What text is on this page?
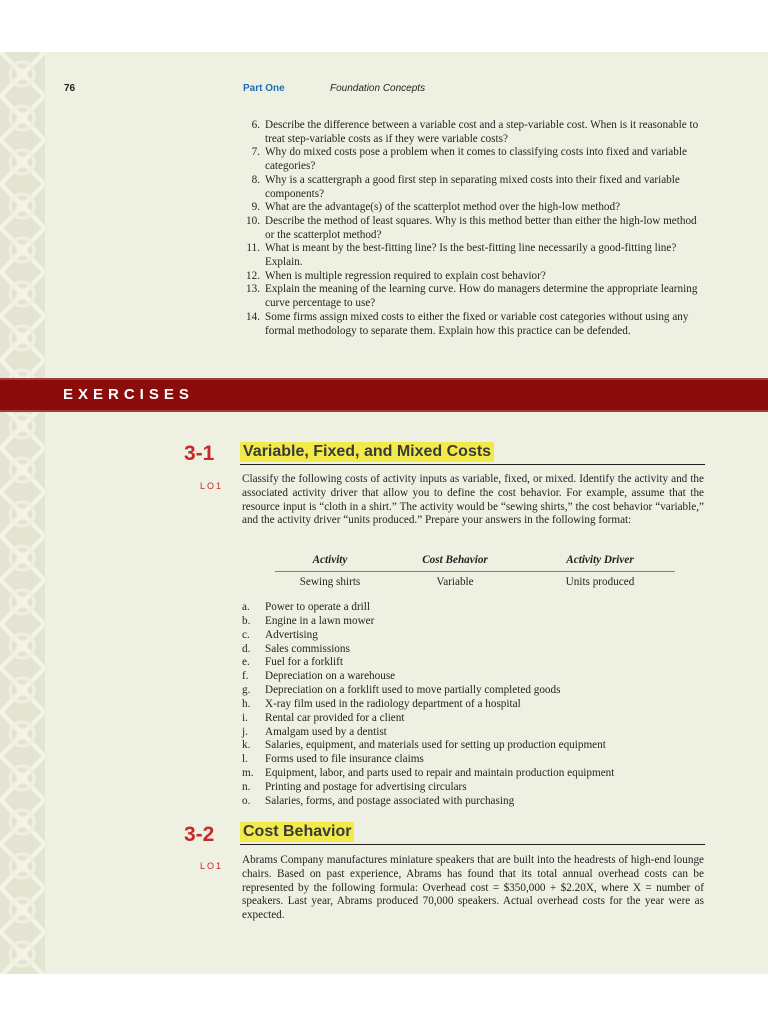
76	Part One	Foundation Concepts
6. Describe the difference between a variable cost and a step-variable cost. When is it reasonable to treat step-variable costs as if they were variable costs?
7. Why do mixed costs pose a problem when it comes to classifying costs into fixed and variable categories?
8. Why is a scattergraph a good first step in separating mixed costs into their fixed and variable components?
9. What are the advantage(s) of the scatterplot method over the high-low method?
10. Describe the method of least squares. Why is this method better than either the high-low method or the scatterplot method?
11. What is meant by the best-fitting line? Is the best-fitting line necessarily a good-fitting line? Explain.
12. When is multiple regression required to explain cost behavior?
13. Explain the meaning of the learning curve. How do managers determine the appropriate learning curve percentage to use?
14. Some firms assign mixed costs to either the fixed or variable cost categories without using any formal methodology to separate them. Explain how this practice can be defended.
EXERCISES
3-1 Variable, Fixed, and Mixed Costs
LO1
Classify the following costs of activity inputs as variable, fixed, or mixed. Identify the activity and the associated activity driver that allow you to define the cost behavior. For example, assume that the resource input is “cloth in a shirt.” The activity would be “sewing shirts,” the cost behavior “variable,” and the activity driver “units produced.” Prepare your answers in the following format:
Activity	Cost Behavior	Activity Driver
Sewing shirts	Variable	Units produced
a. Power to operate a drill
b. Engine in a lawn mower
c. Advertising
d. Sales commissions
e. Fuel for a forklift
f. Depreciation on a warehouse
g. Depreciation on a forklift used to move partially completed goods
h. X-ray film used in the radiology department of a hospital
i. Rental car provided for a client
j. Amalgam used by a dentist
k. Salaries, equipment, and materials used for setting up production equipment
l. Forms used to file insurance claims
m. Equipment, labor, and parts used to repair and maintain production equipment
n. Printing and postage for advertising circulars
o. Salaries, forms, and postage associated with purchasing
3-2 Cost Behavior
LO1 Abrams Company manufactures miniature speakers that are built into the headrests of high-end lounge chairs. Based on past experience, Abrams has found that its total annual overhead costs can be represented by the following formula: Overhead cost = $350,000 + $2.20X, where X = number of speakers. Last year, Abrams produced 70,000 speakers. Actual overhead costs for the year were as expected.
